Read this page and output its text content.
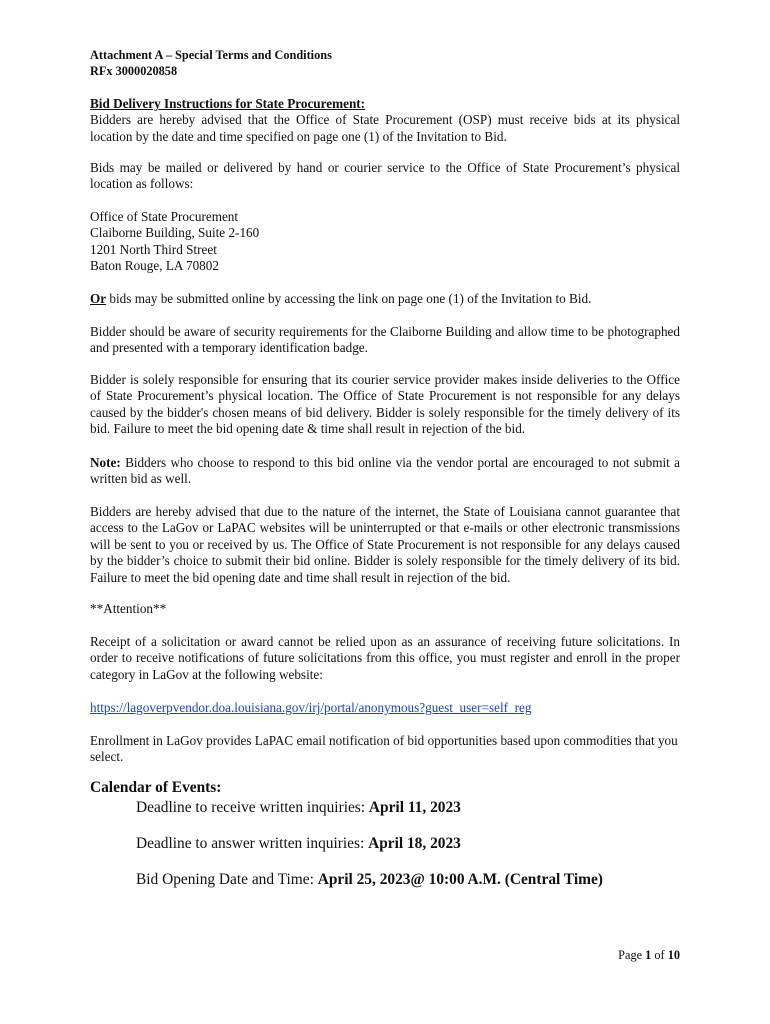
Attachment A – Special Terms and Conditions
RFx 3000020858
Bid Delivery Instructions for State Procurement:
Bidders are hereby advised that the Office of State Procurement (OSP) must receive bids at its physical location by the date and time specified on page one (1) of the Invitation to Bid.

Bids may be mailed or delivered by hand or courier service to the Office of State Procurement’s physical location as follows:

Office of State Procurement
Claiborne Building, Suite 2-160
1201 North Third Street
Baton Rouge, LA 70802

Or bids may be submitted online by accessing the link on page one (1) of the Invitation to Bid.

Bidder should be aware of security requirements for the Claiborne Building and allow time to be photographed and presented with a temporary identification badge.

Bidder is solely responsible for ensuring that its courier service provider makes inside deliveries to the Office of State Procurement’s physical location. The Office of State Procurement is not responsible for any delays caused by the bidder's chosen means of bid delivery. Bidder is solely responsible for the timely delivery of its bid. Failure to meet the bid opening date & time shall result in rejection of the bid.

Note: Bidders who choose to respond to this bid online via the vendor portal are encouraged to not submit a written bid as well.

Bidders are hereby advised that due to the nature of the internet, the State of Louisiana cannot guarantee that access to the LaGov or LaPAC websites will be uninterrupted or that e-mails or other electronic transmissions will be sent to you or received by us. The Office of State Procurement is not responsible for any delays caused by the bidder’s choice to submit their bid online. Bidder is solely responsible for the timely delivery of its bid. Failure to meet the bid opening date and time shall result in rejection of the bid.

**Attention**

Receipt of a solicitation or award cannot be relied upon as an assurance of receiving future solicitations. In order to receive notifications of future solicitations from this office, you must register and enroll in the proper category in LaGov at the following website:

https://lagoverpvendor.doa.louisiana.gov/irj/portal/anonymous?guest_user=self_reg

Enrollment in LaGov provides LaPAC email notification of bid opportunities based upon commodities that you select.

Calendar of Events:
Deadline to receive written inquiries: April 11, 2023
Deadline to answer written inquiries: April 18, 2023
Bid Opening Date and Time: April 25, 2023@ 10:00 A.M. (Central Time)
Page 1 of 10
